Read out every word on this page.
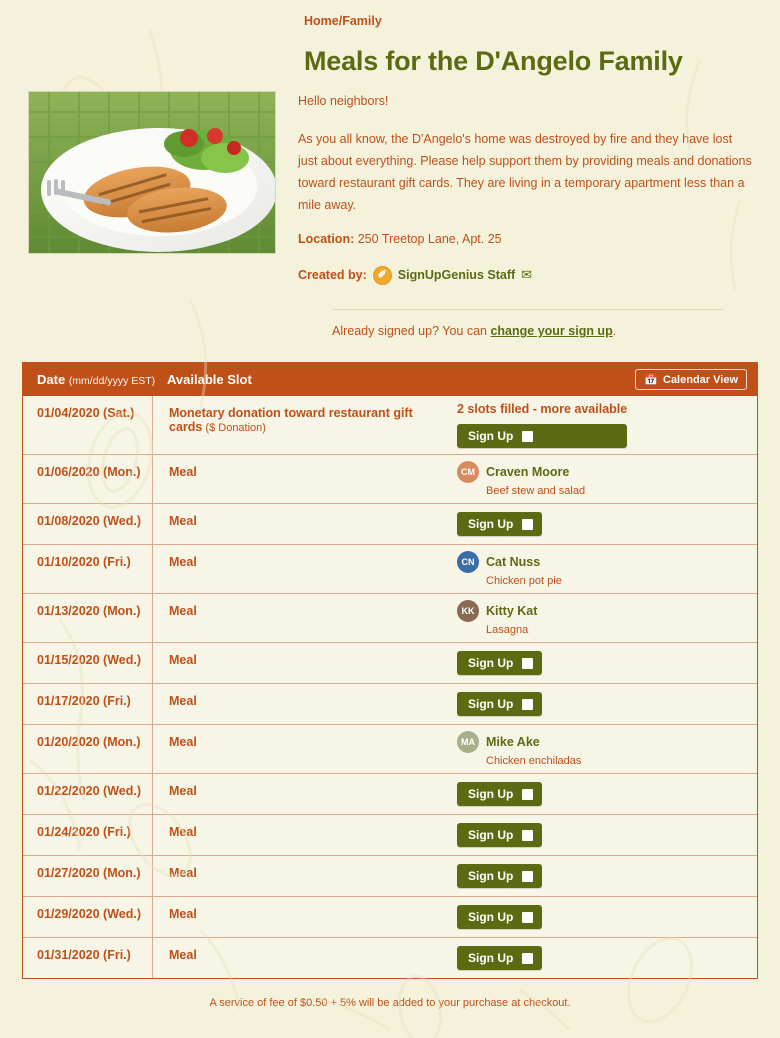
Home/Family
Meals for the D'Angelo Family

Hello neighbors!

As you all know, the D'Angelo's home was destroyed by fire and they have lost just about everything. Please help support them by providing meals and donations toward restaurant gift cards. They are living in a temporary apartment less than a mile away.

Location: 250 Treetop Lane, Apt. 25

Created by: ✐ SignUpGenius Staff ✉
Already signed up? You can change your sign up.
Date (mm/dd/yyyy EST) Available Slot	📅 Calendar View
01/04/2020 (Sat.)	Monetary donation toward restaurant gift cards ($ Donation)
2 slots filled - more available
Sign Up
01/06/2020 (Mon.)	Meal	CM Craven Moore
Beef stew and salad
01/08/2020 (Wed.)	Meal	Sign Up
01/10/2020 (Fri.)	Meal	CN Cat Nuss
Chicken pot pie
01/13/2020 (Mon.)	Meal	KK Kitty Kat
Lasagna
01/15/2020 (Wed.)	Meal	Sign Up
01/17/2020 (Fri.)	Meal	Sign Up
01/20/2020 (Mon.)	Meal	MA Mike Ake
Chicken enchiladas
01/22/2020 (Wed.)	Meal	Sign Up
01/24/2020 (Fri.)	Meal	Sign Up
01/27/2020 (Mon.)	Meal	Sign Up
01/29/2020 (Wed.)	Meal	Sign Up
01/31/2020 (Fri.)	Meal	Sign Up
A service of fee of $0.50 + 5% will be added to your purchase at checkout.
